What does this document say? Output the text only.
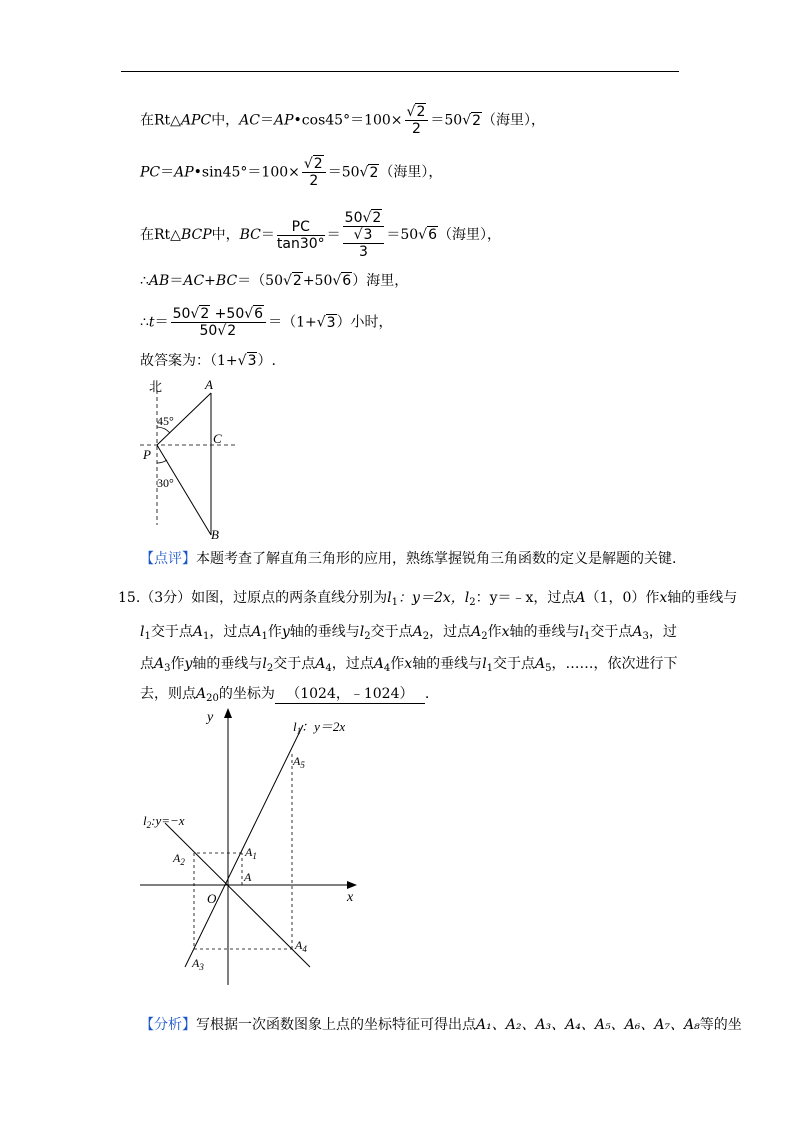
在Rt△APC中，AC＝AP•cos45°＝100× $\frac{√2}{2} =50√2$（海里），
PC＝AP•sin45°＝100× $\frac{√2}{2} =50√2$（海里），
在Rt△BCP中，$BC= \frac{PC}{\tan 30^\circ} = 50√2$
√3
3 ＝50√6（海里），
∴AB＝AC+BC＝（50√2+50√6）海里，
∴t＝ $\frac{50√2 +50√6}{50√2} =(1+√3)$小时，
故答案为：（1+√3）.
北	A
C
P
B
45°
30°
【点评】本题考查了解直角三角形的应用，熟练掌握锐角三角函数的定义是解题的关键.
15.（3分）如图，过原点的两条直线分别为$l_1$：y＝2x，$l_2$：y＝﹣x，过点A（1，0）作x轴的垂线与
$l_1$交于点$A_1$，过点$A_1$作y轴的垂线与$l_2$交于点$A_2$，过点$A_2$作x轴的垂线与$l_1$交于点$A_3$，过
点$A_3$作y轴的垂线与$l_2$交于点$A_4$，过点$A_4$作x轴的垂线与$l_1$交于点$A_5$，……，依次进行下
去，则点$A_{20}$的坐标为 （1024，﹣1024） .
y
x
O
$l_1$：y＝2x
$l_2:y=-x$
A
$A_1$
$A_2$
$A_3$
$A_4$
$A_5$
【分析】写根据一次函数图象上点的坐标特征可得出点A₁、A₂、A₃、A₄、A₅、A₆、A₇、A₈等的坐
